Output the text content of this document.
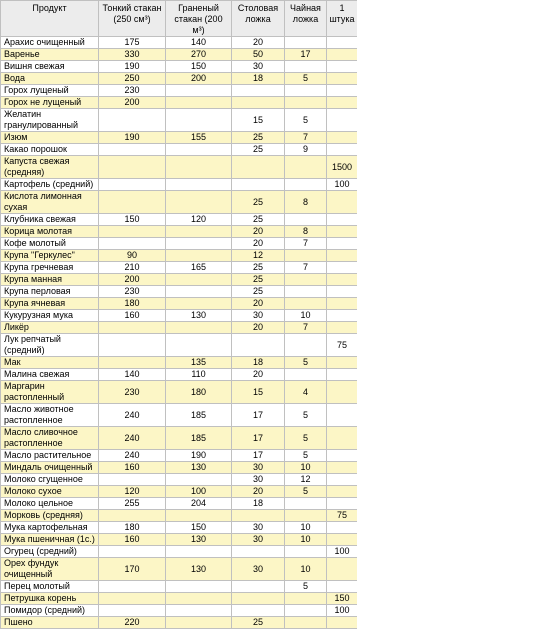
Продукт	Тонкий стакан (250 см³)	Граненый стакан (200 м³)	Столовая ложка	Чайная ложка	1 штука
Арахис очищенный	175	140	20		
Варенье	330	270	50	17	
Вишня свежая	190	150	30		
Вода	250	200	18	5	
Горох лущеный	230				
Горох не лущеный	200				
Желатин гранулированный			15	5	
Изюм	190	155	25	7	
Какао порошок			25	9	
Капуста свежая (средняя)					1500
Картофель (средний)					100
Кислота лимонная сухая			25	8	
Клубника свежая	150	120	25		
Корица молотая			20	8	
Кофе молотый			20	7	
Крупа "Геркулес"	90		12		
Крупа гречневая	210	165	25	7	
Крупа манная	200		25		
Крупа перловая	230		25		
Крупа ячневая	180		20		
Кукурузная мука	160	130	30	10	
Ликёр			20	7	
Лук репчатый (средний)					75
Мак		135	18	5	
Малина свежая	140	110	20		
Маргарин растопленный	230	180	15	4	
Масло животное растопленное	240	185	17	5	
Масло сливочное растопленное	240	185	17	5	
Масло растительное	240	190	17	5	
Миндаль очищенный	160	130	30	10	
Молоко сгущенное			30	12	
Молоко сухое	120	100	20	5	
Молоко цельное	255	204	18		
Морковь (средняя)					75
Мука картофельная	180	150	30	10	
Мука пшеничная (1с.)	160	130	30	10	
Огурец (средний)					100
Орех фундук очищенный	170	130	30	10	
Перец молотый				5	
Петрушка корень					150
Помидор (средний)					100
Пшено	220		25		
